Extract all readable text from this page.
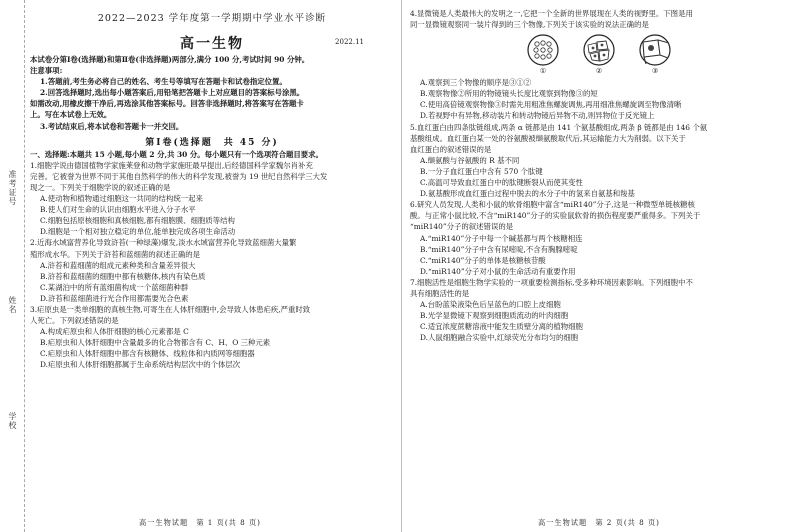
准考证号
姓名
学校
2022—2023 学年度第一学期期中学业水平诊断
高一生物	2022.11
本试卷分第Ⅰ卷(选择题)和第Ⅱ卷(非选择题)两部分,满分 100 分,考试时间 90 分钟。
注意事项:
1.答题前,考生务必将自己的姓名、考生号等填写在答题卡和试卷指定位置。
2.回答选择题时,选出每小题答案后,用铅笔把答题卡上对应题目的答案标号涂黑。
如需改动,用橡皮擦干净后,再选涂其他答案标号。回答非选择题时,将答案写在答题卡
上。写在本试卷上无效。
3.考试结束后,将本试卷和答题卡一并交回。
第Ⅰ卷(选择题　共 45 分)
一、选择题:本题共 15 小题,每小题 2 分,共 30 分。每小题只有一个选项符合题目要求。
1.细胞学说由德国植物学家施莱登和动物学家施旺最早提出,后经德国科学家魏尔肖补充
完善。它被誉为世界不同于其他自然科学的伟大的科学发现,被誉为 19 世纪自然科学三大发
现之一。下列关于细胞学说的叙述正确的是
A.使动物和植物通过细胞这一共同的结构统一起来
B.使人们对生命的认识由细胞水平进入分子水平
C.细胞包括原核细胞和真核细胞,都有细胞膜、细胞质等结构
D.细胞是一个相对独立稳定的单位,能单独完成各项生命活动
2.近海水域富营养化导致浒苔(一种绿藻)爆发,淡水水域富营养化导致蓝细菌大量繁
殖形成水华。下列关于浒苔和蓝细菌的叙述正确的是
A.浒苔和蓝细菌的组成元素种类和含量差异很大
B.浒苔和蓝细菌的细胞中都有核糖体,核内有染色质
C.某湖泊中的所有蓝细菌构成一个蓝细菌种群
D.浒苔和蓝细菌进行光合作用都需要光合色素
3.疟原虫是一类单细胞的真核生物,可寄生在人体肝细胞中,会导致人体患疟疾,严重时致
人死亡。下列叙述错误的是
A.构成疟原虫和人体肝细胞的核心元素都是 C
B.疟原虫和人体肝细胞中含量最多的化合物都含有 C、H、O 三种元素
C.疟原虫和人体肝细胞中都含有核糖体、线粒体和内质网等细胞器
D.疟原虫和人体肝细胞都属于生命系统结构层次中的个体层次
高一生物试题　第 1 页(共 8 页)
4.显微镜是人类最伟大的发明之一,它把一个全新的世界展现在人类的视野里。下图是用
同一显微镜观察同一装片得到的三个物像,下列关于该实验的说法正确的是
①	②	③
A.观察到三个物像的顺序是③①②
B.观察物像②所用的物镜镜头长度比观察到物像③的短
C.使用高倍镜观察物像③时需先用粗准焦螺旋调焦,再用细准焦螺旋调至物像清晰
D.若视野中有异物,移动装片和转动物镜后异物不动,则异物位于反光镜上
5.血红蛋白由四条肽链组成,两条 α 链都是由 141 个氨基酸组成,两条 β 链都是由 146 个氨
基酸组成。血红蛋白某一处的谷氨酸被缬氨酸取代后,其运输能力大为削弱。以下关于
血红蛋白的叙述错误的是
A.缬氨酸与谷氨酸的 R 基不同
B.一分子血红蛋白中含有 570 个肽键
C.高温可导致血红蛋白中的肽键断裂从而使其变性
D.氨基酸形成血红蛋白过程中脱去的水分子中的氢来自氨基和羧基
6.研究人员发现,人类和小鼠的软骨细胞中富含“miR140”分子,这是一种微型单链核糖核
酸。与正常小鼠比较,不含“miR140”分子的实验鼠软骨的损伤程度要严重得多。下列关于
“miR140”分子的叙述错误的是
A.“miR140”分子中每一个碱基都与两个核糖相连
B.“miR140”分子中含有尿嘧啶,不含有胸腺嘧啶
C.“miR140”分子的单体是核糖核苷酸
D.“miR140”分子对小鼠的生命活动有重要作用
7.细胞活性是细胞生物学实验的一项重要检测指标,受多种环境因素影响。下列细胞中不
具有细胞活性的是
A.台盼蓝染液染色后呈蓝色的口腔上皮细胞
B.光学显微镜下观察到细胞质流动的叶肉细胞
C.适宜浓度蔗糖溶液中能发生质壁分离的植物细胞
D.人鼠细胞融合实验中,红绿荧光分布均匀的细胞
高一生物试题　第 2 页(共 8 页)
